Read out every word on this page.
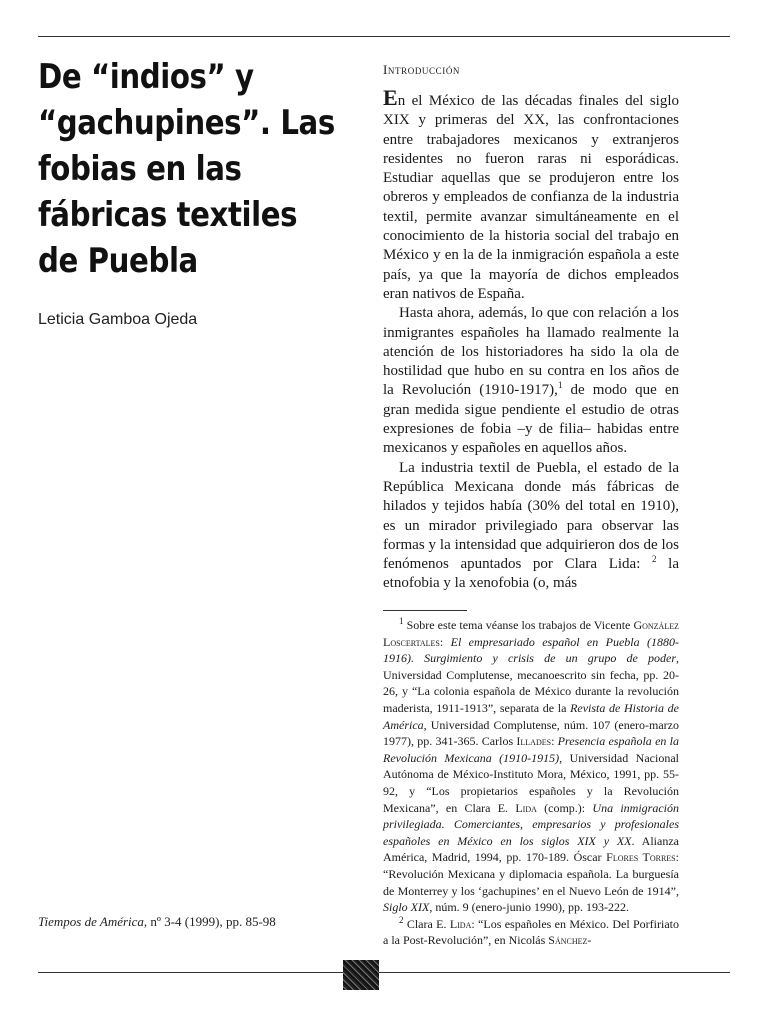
De “indios” y
“gachupines”. Las
fobias en las
fábricas textiles
de Puebla
Leticia Gamboa Ojeda
Tiempos de América, nº 3-4 (1999), pp. 85-98
Introducción

En el México de las décadas finales del siglo XIX y primeras del XX, las confrontaciones entre trabajadores mexicanos y extranjeros residentes no fueron raras ni esporádicas. Estudiar aquellas que se produjeron entre los obreros y empleados de confianza de la industria textil, permite avanzar simultáneamente en el conocimiento de la historia social del trabajo en México y en la de la inmigración española a este país, ya que la mayoría de dichos empleados eran nativos de España.

Hasta ahora, además, lo que con relación a los inmigrantes españoles ha llamado realmente la atención de los historiadores ha sido la ola de hostilidad que hubo en su contra en los años de la Revolución (1910-1917),$^1$ de modo que en gran medida sigue pendiente el estudio de otras expresiones de fobia –y de filia– habidas entre mexicanos y españoles en aquellos años.

La industria textil de Puebla, el estado de la República Mexicana donde más fábricas de hilados y tejidos había (30% del total en 1910), es un mirador privilegiado para observar las formas y la intensidad que adquirieron dos de los fenómenos apuntados por Clara Lida: $^2$ la etnofobia y la xenofobia (o, más

$^1$ Sobre este tema véanse los trabajos de Vicente González Loscertales: El empresariado español en Puebla (1880-1916). Surgimiento y crisis de un grupo de poder, Universidad Complutense, mecanoescrito sin fecha, pp. 20-26, y “La colonia española de México durante la revolución maderista, 1911-1913”, separata de la Revista de Historia de América, Universidad Complutense, núm. 107 (enero-marzo 1977), pp. 341-365. Carlos Illades: Presencia española en la Revolución Mexicana (1910-1915), Universidad Nacional Autónoma de México-Instituto Mora, México, 1991, pp. 55-92, y “Los propietarios españoles y la Revolución Mexicana”, en Clara E. Lida (comp.): Una inmigración privilegiada. Comerciantes, empresarios y profesionales españoles en México en los siglos XIX y XX. Alianza América, Madrid, 1994, pp. 170-189. Óscar Flores Torres: “Revolución Mexicana y diplomacia española. La burguesía de Monterrey y los ‘gachupines’ en el Nuevo León de 1914”, Siglo XIX, núm. 9 (enero-junio 1990), pp. 193-222.

$^2$ Clara E. Lida: “Los españoles en México. Del Porfiriato a la Post-Revolución”, en Nicolás Sánchez-
